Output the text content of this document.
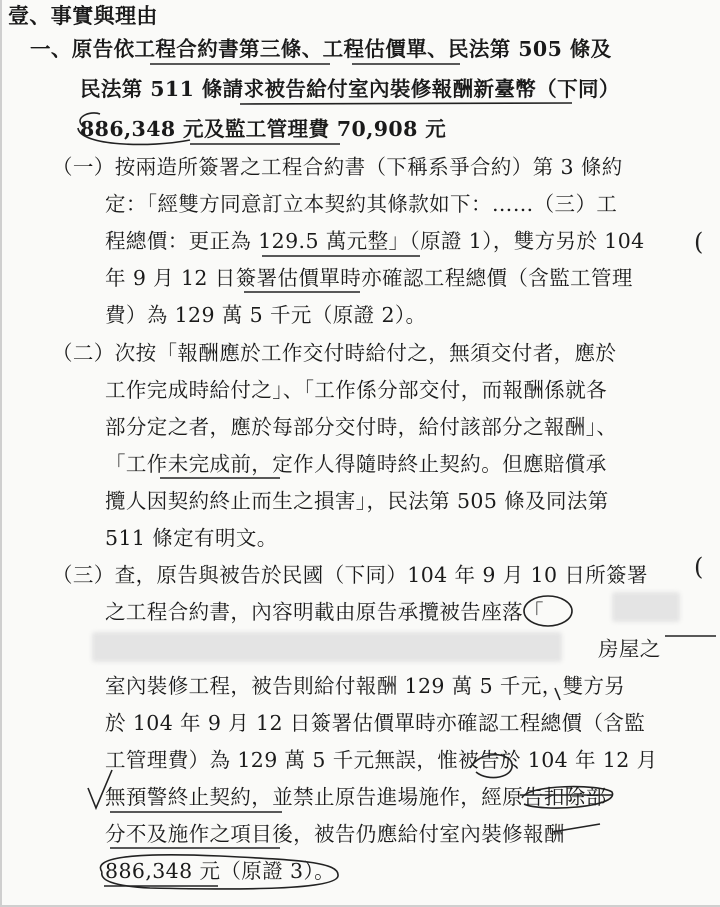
壹、事實與理由
一、原告依工程合約書第三條、工程估價單、民法第 505 條及
民法第 511 條請求被告給付室內裝修報酬新臺幣（下同）
886,348 元及監工管理費 70,908 元
（一）按兩造所簽署之工程合約書（下稱系爭合約）第 3 條約
定：「經雙方同意訂立本契約其條款如下：……（三）工
程總價：更正為 129.5 萬元整」（原證 1），雙方另於 104
年 9 月 12 日簽署估價單時亦確認工程總價（含監工管理
費）為 129 萬 5 千元（原證 2）。
（二）次按「報酬應於工作交付時給付之，無須交付者，應於
工作完成時給付之」、「工作係分部交付，而報酬係就各
部分定之者，應於每部分交付時，給付該部分之報酬」、
「工作未完成前，定作人得隨時終止契約。但應賠償承
攬人因契約終止而生之損害」，民法第 505 條及同法第
511 條定有明文。
（三）查，原告與被告於民國（下同）104 年 9 月 10 日所簽署
之工程合約書，內容明載由原告承攬被告座落「
房屋之
室內裝修工程，被告則給付報酬 129 萬 5 千元，雙方另
於 104 年 9 月 12 日簽署估價單時亦確認工程總價（含監
工管理費）為 129 萬 5 千元無誤，惟被告於 104 年 12 月
無預警終止契約，並禁止原告進場施作，經原告扣除部
分不及施作之項目後，被告仍應給付室內裝修報酬
886,348 元（原證 3）。
(
(
